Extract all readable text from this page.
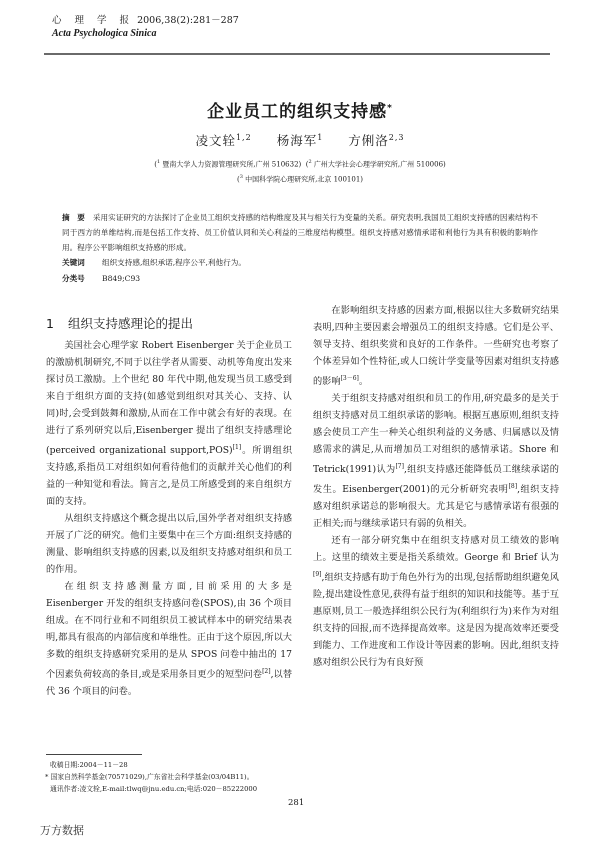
心 理 学 报 2006,38(2):281－287
Acta Psychologica Sinica
企业员工的组织支持感*
凌文辁$^{1,2}$ 杨海军$^1$ 方俐洛$^{2,3}$
($^1$ 暨南大学人力资源管理研究所,广州 510632)  ($^2$ 广州大学社会心理学研究所,广州 510006)
($^3$ 中国科学院心理研究所,北京 100101)
摘　要 采用实证研究的方法探讨了企业员工组织支持感的结构维度及其与相关行为变量的关系。研究表明,我国员工组织支持感的因素结构不同于西方的单维结构,而是包括工作支持、员工价值认同和关心利益的三维度结构模型。组织支持感对感情承诺和利他行为具有积极的影响作用。程序公平影响组织支持感的形成。
关键词 组织支持感,组织承诺,程序公平,利他行为。
分类号 B849;C93
1 组织支持感理论的提出

美国社会心理学家 Robert Eisenberger 关于企业员工的激励机制研究,不同于以往学者从需要、动机等角度出发来探讨员工激励。上个世纪 80 年代中期,他发现当员工感受到来自于组织方面的支持(如感觉到组织对其关心、支持、认同)时,会受到鼓舞和激励,从而在工作中就会有好的表现。在进行了系列研究以后,Eisenberger 提出了组织支持感理论(perceived organizational support,POS)[1]。所谓组织支持感,系指员工对组织如何看待他们的贡献并关心他们的利益的一种知觉和看法。简言之,是员工所感受到的来自组织方面的支持。

从组织支持感这个概念提出以后,国外学者对组织支持感开展了广泛的研究。他们主要集中在三个方面:组织支持感的测量、影响组织支持感的因素,以及组织支持感对组织和员工的作用。

在组织支持感测量方面,目前采用的大多是 Eisenberger 开发的组织支持感问卷(SPOS),由 36 个项目组成。在不同行业和不同组织员工被试样本中的研究结果表明,都具有很高的内部信度和单维性。正由于这个原因,所以大多数的组织支持感研究采用的是从 SPOS 问卷中抽出的 17 个因素负荷较高的条目,或是采用条目更少的短型问卷[2],以替代 36 个项目的问卷。

在影响组织支持感的因素方面,根据以往大多数研究结果表明,四种主要因素会增强员工的组织支持感。它们是公平、领导支持、组织奖赏和良好的工作条件。一些研究也考察了个体差异如个性特征,或人口统计学变量等因素对组织支持感的影响[3－6]。

关于组织支持感对组织和员工的作用,研究最多的是关于组织支持感对员工组织承诺的影响。根据互惠原则,组织支持感会使员工产生一种关心组织利益的义务感、归属感以及情感需求的满足,从而增加员工对组织的感情承诺。Shore 和 Tetrick(1991)认为[7],组织支持感还能降低员工继续承诺的发生。Eisenberger(2001)的元分析研究表明[8],组织支持感对组织承诺总的影响很大。尤其是它与感情承诺有很强的正相关;而与继续承诺只有弱的负相关。

还有一部分研究集中在组织支持感对员工绩效的影响上。这里的绩效主要是指关系绩效。George 和 Brief 认为[9],组织支持感有助于角色外行为的出现,包括帮助组织避免风险,提出建设性意见,获得有益于组织的知识和技能等。基于互惠原则,员工一般选择组织公民行为(利组织行为)来作为对组织支持的回报,而不选择提高效率。这是因为提高效率还要受到能力、工作进度和工作设计等因素的影响。因此,组织支持感对组织公民行为有良好预

收稿日期:2004－11－28
* 国家自然科学基金(70571029),广东省社会科学基金(03/04B11)。
通讯作者:凌文辁,E-mail:tlwq@jnu.edu.cn;电话:020－85222000
281
万方数据
